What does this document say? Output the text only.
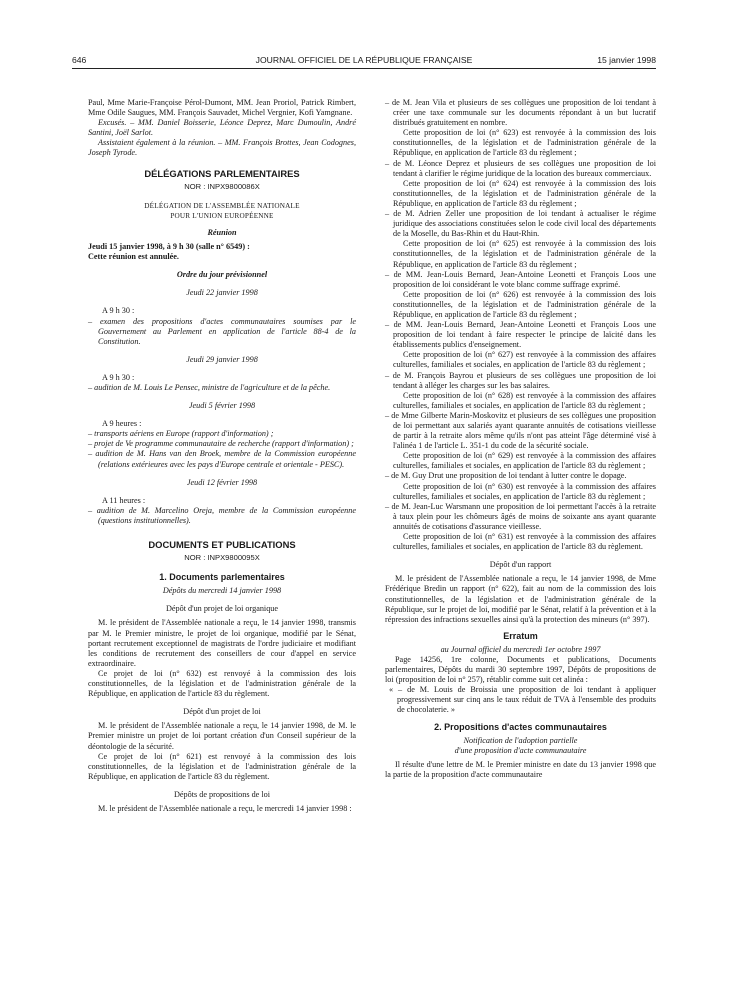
646	JOURNAL OFFICIEL DE LA RÉPUBLIQUE FRANÇAISE	15 janvier 1998

Paul, Mme Marie-Françoise Pérol-Dumont, MM. Jean Proriol, Patrick Rimbert, Mme Odile Saugues, MM. François Sauvadet, Michel Vergnier, Kofi Yamgnane.

Excusés. – MM. Daniel Boisserie, Léonce Deprez, Marc Dumoulin, André Santini, Joël Sarlot.

Assistaient également à la réunion. – MM. François Brottes, Jean Codognes, Joseph Tyrode.

DÉLÉGATIONS PARLEMENTAIRES
NOR : INPX9800086X

DÉLÉGATION DE L'ASSEMBLÉE NATIONALE

POUR L'UNION EUROPÉENNE

Réunion

Jeudi 15 janvier 1998, à 9 h 30 (salle n° 6549) :

Cette réunion est annulée.

Ordre du jour prévisionnel

Jeudi 22 janvier 1998

A 9 h 30 :

– examen des propositions d'actes communautaires soumises par le Gouvernement au Parlement en application de l'article 88-4 de la Constitution.

Jeudi 29 janvier 1998

A 9 h 30 :

– audition de M. Louis Le Pensec, ministre de l'agriculture et de la pêche.

Jeudi 5 février 1998

A 9 heures :

– transports aériens en Europe (rapport d'information) ;

– projet de Ve programme communautaire de recherche (rapport d'information) ;

– audition de M. Hans van den Broek, membre de la Commission européenne (relations extérieures avec les pays d'Europe centrale et orientale - PESC).

Jeudi 12 février 1998

A 11 heures :

– audition de M. Marcelino Oreja, membre de la Commission européenne (questions institutionnelles).

DOCUMENTS ET PUBLICATIONS
NOR : INPX9800095X
1. Documents parlementaires

Dépôts du mercredi 14 janvier 1998

Dépôt d'un projet de loi organique

M. le président de l'Assemblée nationale a reçu, le 14 janvier 1998, transmis par M. le Premier ministre, le projet de loi organique, modifié par le Sénat, portant recrutement exceptionnel de magistrats de l'ordre judiciaire et modifiant les conditions de recrutement des conseillers de cour d'appel en service extraordinaire.

Ce projet de loi (n° 632) est renvoyé à la commission des lois constitutionnelles, de la législation et de l'administration générale de la République, en application de l'article 83 du règlement.

Dépôt d'un projet de loi

M. le président de l'Assemblée nationale a reçu, le 14 janvier 1998, de M. le Premier ministre un projet de loi portant création d'un Conseil supérieur de la déontologie de la sécurité.

Ce projet de loi (n° 621) est renvoyé à la commission des lois constitutionnelles, de la législation et de l'administration générale de la République, en application de l'article 83 du règlement.

Dépôts de propositions de loi

M. le président de l'Assemblée nationale a reçu, le mercredi 14 janvier 1998 :

– de M. Jean Vila et plusieurs de ses collègues une proposition de loi tendant à créer une taxe communale sur les documents répondant à un but lucratif distribués gratuitement en nombre.

Cette proposition de loi (n° 623) est renvoyée à la commission des lois constitutionnelles, de la législation et de l'administration générale de la République, en application de l'article 83 du règlement ;

– de M. Léonce Deprez et plusieurs de ses collègues une proposition de loi tendant à clarifier le régime juridique de la location des bureaux commerciaux.

Cette proposition de loi (n° 624) est renvoyée à la commission des lois constitutionnelles, de la législation et de l'administration générale de la République, en application de l'article 83 du règlement ;

– de M. Adrien Zeller une proposition de loi tendant à actualiser le régime juridique des associations constituées selon le code civil local des départements de la Moselle, du Bas-Rhin et du Haut-Rhin.

Cette proposition de loi (n° 625) est renvoyée à la commission des lois constitutionnelles, de la législation et de l'administration générale de la République, en application de l'article 83 du règlement ;

– de MM. Jean-Louis Bernard, Jean-Antoine Leonetti et François Loos une proposition de loi considérant le vote blanc comme suffrage exprimé.

Cette proposition de loi (n° 626) est renvoyée à la commission des lois constitutionnelles, de la législation et de l'administration générale de la République, en application de l'article 83 du règlement ;

– de MM. Jean-Louis Bernard, Jean-Antoine Leonetti et François Loos une proposition de loi tendant à faire respecter le principe de laïcité dans les établissements publics d'enseignement.

Cette proposition de loi (n° 627) est renvoyée à la commission des affaires culturelles, familiales et sociales, en application de l'article 83 du règlement ;

– de M. François Bayrou et plusieurs de ses collègues une proposition de loi tendant à alléger les charges sur les bas salaires.

Cette proposition de loi (n° 628) est renvoyée à la commission des affaires culturelles, familiales et sociales, en application de l'article 83 du règlement ;

– de Mme Gilberte Marin-Moskovitz et plusieurs de ses collègues une proposition de loi permettant aux salariés ayant quarante annuités de cotisations vieillesse de partir à la retraite alors même qu'ils n'ont pas atteint l'âge déterminé visé à l'alinéa 1 de l'article L. 351-1 du code de la sécurité sociale.

Cette proposition de loi (n° 629) est renvoyée à la commission des affaires culturelles, familiales et sociales, en application de l'article 83 du règlement ;

– de M. Guy Drut une proposition de loi tendant à lutter contre le dopage.

Cette proposition de loi (n° 630) est renvoyée à la commission des affaires culturelles, familiales et sociales, en application de l'article 83 du règlement ;

– de M. Jean-Luc Warsmann une proposition de loi permettant l'accès à la retraite à taux plein pour les chômeurs âgés de moins de soixante ans ayant quarante annuités de cotisations d'assurance vieillesse.

Cette proposition de loi (n° 631) est renvoyée à la commission des affaires culturelles, familiales et sociales, en application de l'article 83 du règlement.

Dépôt d'un rapport

M. le président de l'Assemblée nationale a reçu, le 14 janvier 1998, de Mme Frédérique Bredin un rapport (n° 622), fait au nom de la commission des lois constitutionnelles, de la législation et de l'administration générale de la République, sur le projet de loi, modifié par le Sénat, relatif à la prévention et à la répression des infractions sexuelles ainsi qu'à la protection des mineurs (n° 397).

Erratum

au Journal officiel du mercredi 1er octobre 1997

Page 14256, 1re colonne, Documents et publications, Documents parlementaires, Dépôts du mardi 30 septembre 1997, Dépôts de propositions de loi (proposition de loi n° 257), rétablir comme suit cet alinéa :

« – de M. Louis de Broissia une proposition de loi tendant à appliquer progressivement sur cinq ans le taux réduit de TVA à l'ensemble des produits de chocolaterie. »

2. Propositions d'actes communautaires

Notification de l'adoption partielle

d'une proposition d'acte communautaire

Il résulte d'une lettre de M. le Premier ministre en date du 13 janvier 1998 que la partie de la proposition d'acte communautaire
